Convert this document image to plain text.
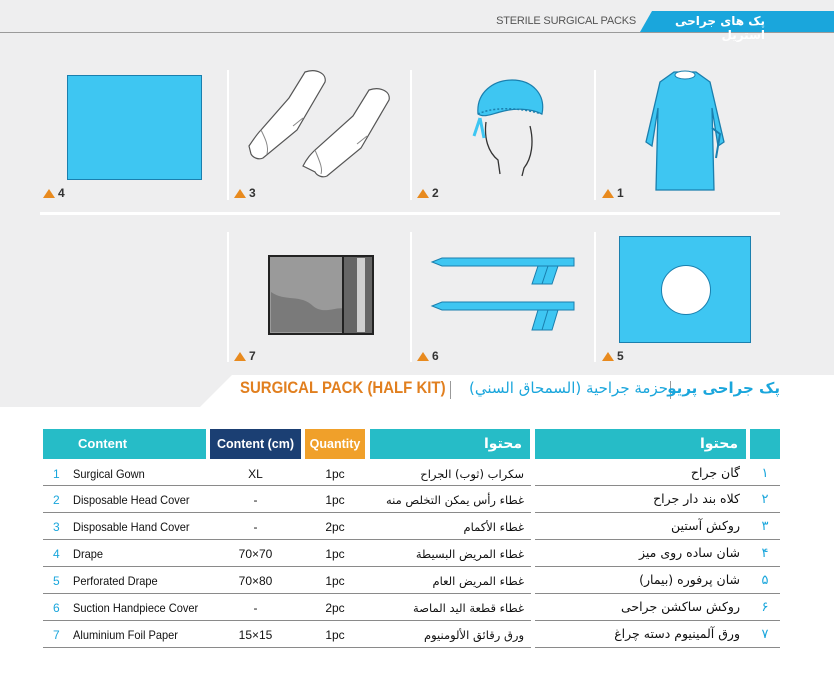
STERILE SURGICAL PACKS	پک های جراحی استریل
4	3	2	1
7	6	5
SURGICAL PACK (HALF KIT)	حزمة جراحية (السمحاق السني) پک جراحی پریو
Content	Content (cm)	Quantity	محتوا	محتوا
1 Surgical Gown	XL	1pc	سكراب (ثوب) الجراح	گان جراح	۱
2 Disposable Head Cover	-	1pc	غطاء رأس يمكن التخلص منه	کلاه بند دار جراح	۲
3 Disposable Hand Cover	-	2pc	غطاء الأكمام	روکش آستین	۳
4 Drape	70×70	1pc	غطاء المريض البسيطة	شان ساده روی میز	۴
5 Perforated Drape	70×80	1pc	غطاء المريض العام	شان پرفوره (بیمار)	۵
6 Suction Handpiece Cover	-	2pc	غطاء قطعة اليد الماصة	روکش ساکشن جراحی	۶
7 Aluminium Foil Paper	15×15	1pc	ورق رقائق الألومنيوم	ورق آلمینیوم دسته چراغ	۷
